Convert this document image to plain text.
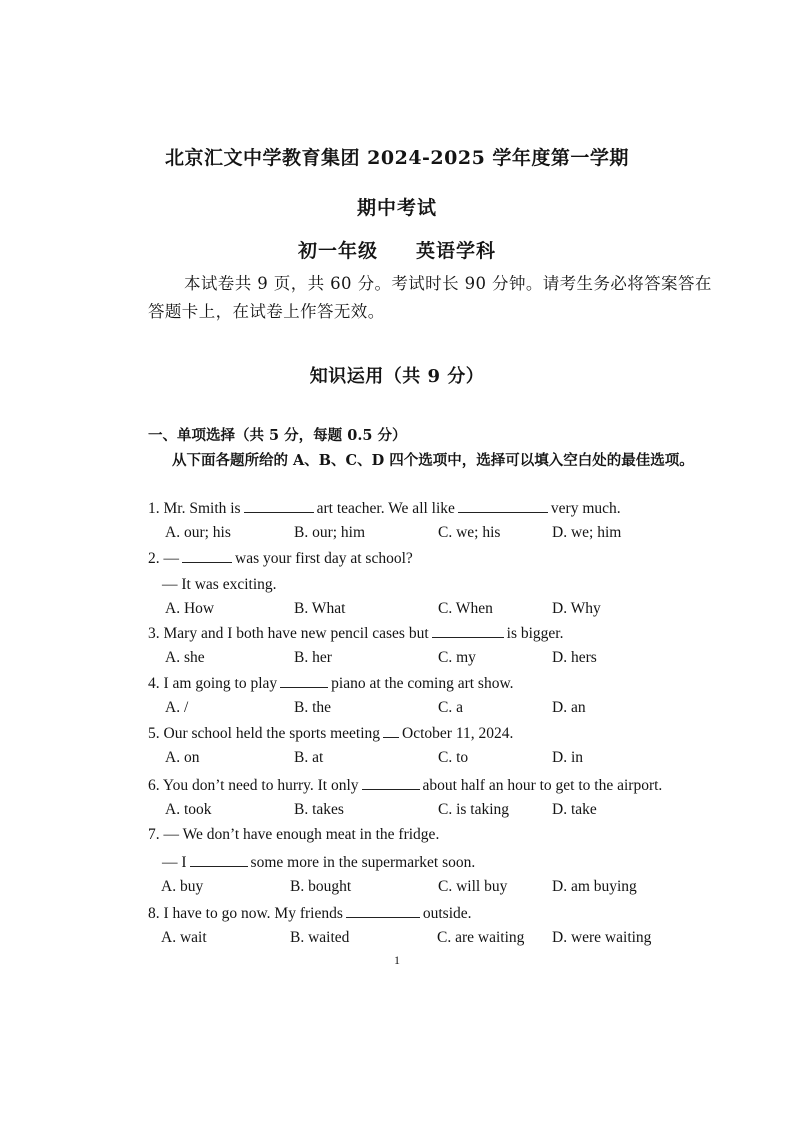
北京汇文中学教育集团 2024-2025 学年度第一学期
期中考试
初一年级 英语学科
本试卷共 9 页，共 60 分。考试时长 90 分钟。请考生务必将答案答在答题卡上，在试卷上作答无效。
知识运用（共 9 分）
一、单项选择（共 5 分，每题 0.5 分）
从下面各题所给的 A、B、C、D 四个选项中，选择可以填入空白处的最佳选项。
1. Mr. Smith is	art teacher. We all like	very much.
A. our; his	B. our; him	C. we; his	D. we; him
2. —	was your first day at school?
— It was exciting.
A. How	B. What	C. When	D. Why
3. Mary and I both have new pencil cases but	is bigger.
A. she	B. her	C. my	D. hers
4. I am going to play	piano at the coming art show.
A. /	B. the	C. a	D. an
5. Our school held the sports meeting October 11, 2024.
A. on	B. at	C. to	D. in
6. You don’t need to hurry. It only	about half an hour to get to the airport.
A. took	B. takes	C. is taking	D. take
7. — We don’t have enough meat in the fridge.
— I	some more in the supermarket soon.
A. buy	B. bought	C. will buy	D. am buying
8. I have to go now. My friends	outside.
A. wait	B. waited	C. are waiting D. were waiting
1
